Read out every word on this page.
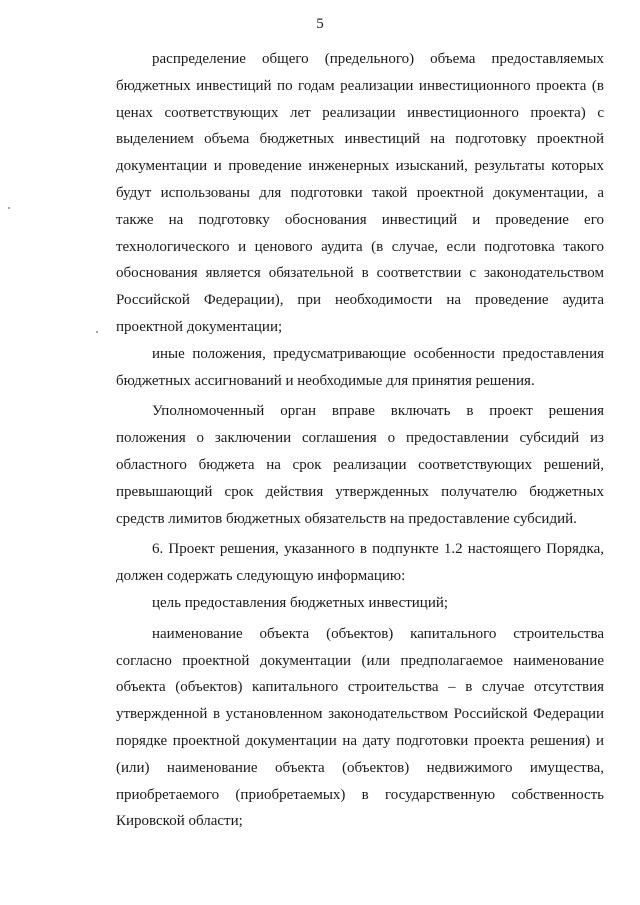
5

распределение общего (предельного) объема предоставляемых бюджетных инвестиций по годам реализации инвестиционного проекта (в ценах соответствующих лет реализации инвестиционного проекта) с выделением объема бюджетных инвестиций на подготовку проектной документации и проведение инженерных изысканий, результаты которых будут использованы для подготовки такой проектной документации, а также на подготовку обоснования инвестиций и проведение его технологического и ценового аудита (в случае, если подготовка такого обоснования является обязательной в соответствии с законодательством Российской Федерации), при необходимости на проведение аудита проектной документации;

иные положения, предусматривающие особенности предоставления бюджетных ассигнований и необходимые для принятия решения.

Уполномоченный орган вправе включать в проект решения положения о заключении соглашения о предоставлении субсидий из областного бюджета на срок реализации соответствующих решений, превышающий срок действия утвержденных получателю бюджетных средств лимитов бюджетных обязательств на предоставление субсидий.

6. Проект решения, указанного в подпункте 1.2 настоящего Порядка, должен содержать следующую информацию:

цель предоставления бюджетных инвестиций;

наименование объекта (объектов) капитального строительства согласно проектной документации (или предполагаемое наименование объекта (объектов) капитального строительства – в случае отсутствия утвержденной в установленном законодательством Российской Федерации порядке проектной документации на дату подготовки проекта решения) и (или) наименование объекта (объектов) недвижимого имущества, приобретаемого (приобретаемых) в государственную собственность Кировской области;
